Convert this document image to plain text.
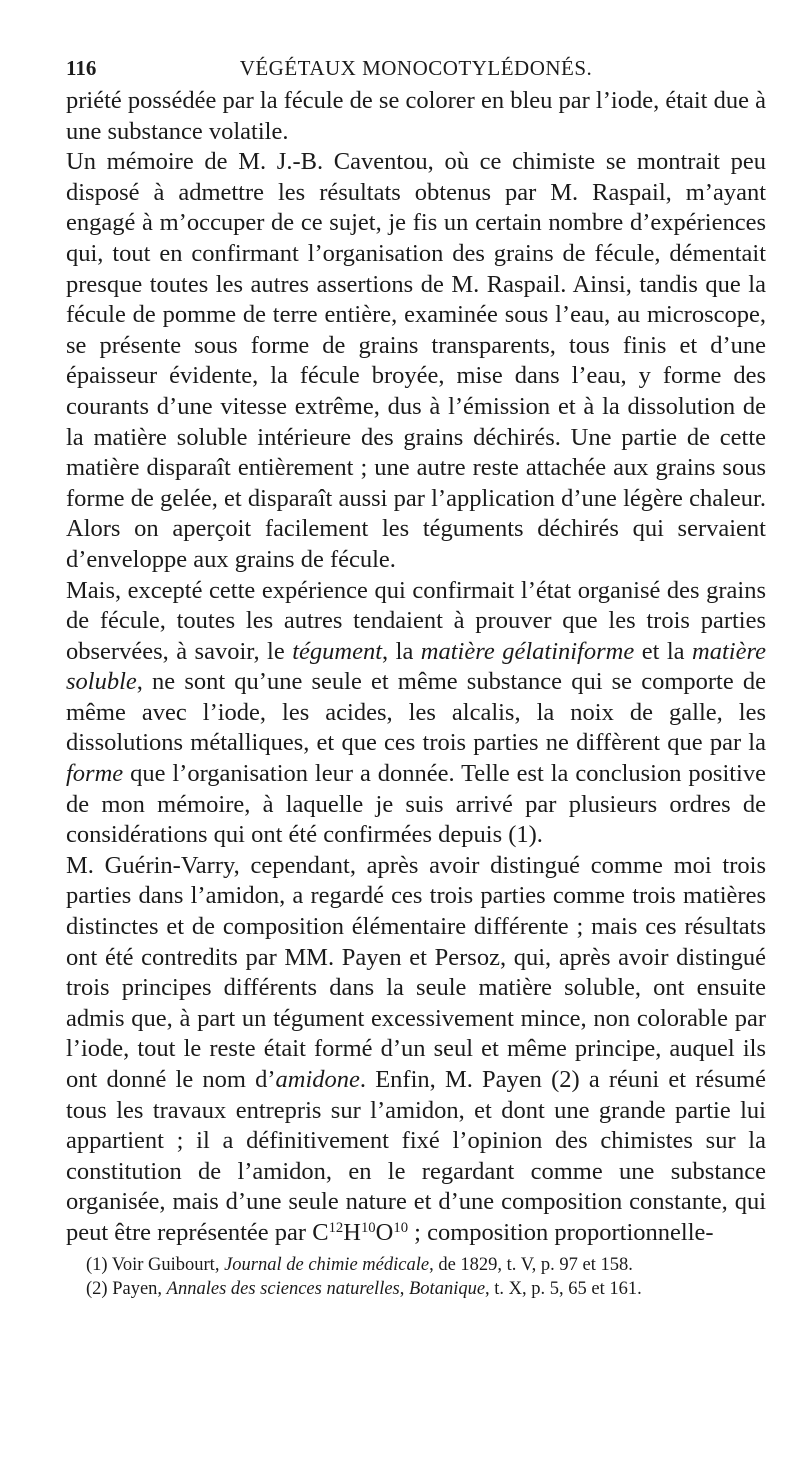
116	VÉGÉTAUX MONOCOTYLÉDONÉS.

priété possédée par la fécule de se colorer en bleu par l’iode, était due à une substance volatile.

Un mémoire de M. J.-B. Caventou, où ce chimiste se montrait peu disposé à admettre les résultats obtenus par M. Raspail, m’ayant engagé à m’occuper de ce sujet, je fis un certain nombre d’expériences qui, tout en confirmant l’organisation des grains de fécule, démentait presque toutes les autres assertions de M. Raspail. Ainsi, tandis que la fécule de pomme de terre entière, examinée sous l’eau, au microscope, se présente sous forme de grains transparents, tous finis et d’une épaisseur évidente, la fécule broyée, mise dans l’eau, y forme des courants d’une vitesse extrême, dus à l’émission et à la dissolution de la matière soluble intérieure des grains déchirés. Une partie de cette matière disparaît entièrement ; une autre reste attachée aux grains sous forme de gelée, et disparaît aussi par l’application d’une légère chaleur. Alors on aperçoit facilement les téguments déchirés qui servaient d’enveloppe aux grains de fécule.

Mais, excepté cette expérience qui confirmait l’état organisé des grains de fécule, toutes les autres tendaient à prouver que les trois parties observées, à savoir, le tégument, la matière gélatiniforme et la matière soluble, ne sont qu’une seule et même substance qui se comporte de même avec l’iode, les acides, les alcalis, la noix de galle, les dissolutions métalliques, et que ces trois parties ne diffèrent que par la forme que l’organisation leur a donnée. Telle est la conclusion positive de mon mémoire, à laquelle je suis arrivé par plusieurs ordres de considérations qui ont été confirmées depuis (1).

M. Guérin-Varry, cependant, après avoir distingué comme moi trois parties dans l’amidon, a regardé ces trois parties comme trois matières distinctes et de composition élémentaire différente ; mais ces résultats ont été contredits par MM. Payen et Persoz, qui, après avoir distingué trois principes différents dans la seule matière soluble, ont ensuite admis que, à part un tégument excessivement mince, non colorable par l’iode, tout le reste était formé d’un seul et même principe, auquel ils ont donné le nom d’amidone. Enfin, M. Payen (2) a réuni et résumé tous les travaux entrepris sur l’amidon, et dont une grande partie lui appartient ; il a définitivement fixé l’opinion des chimistes sur la constitution de l’amidon, en le regardant comme une substance organisée, mais d’une seule nature et d’une composition constante, qui peut être représentée par $C^{12}H^{10}O^{10}$ ; composition proportionnelle-

(1) Voir Guibourt, Journal de chimie médicale, de 1829, t. V, p. 97 et 158.

(2) Payen, Annales des sciences naturelles, Botanique, t. X, p. 5, 65 et 161.
